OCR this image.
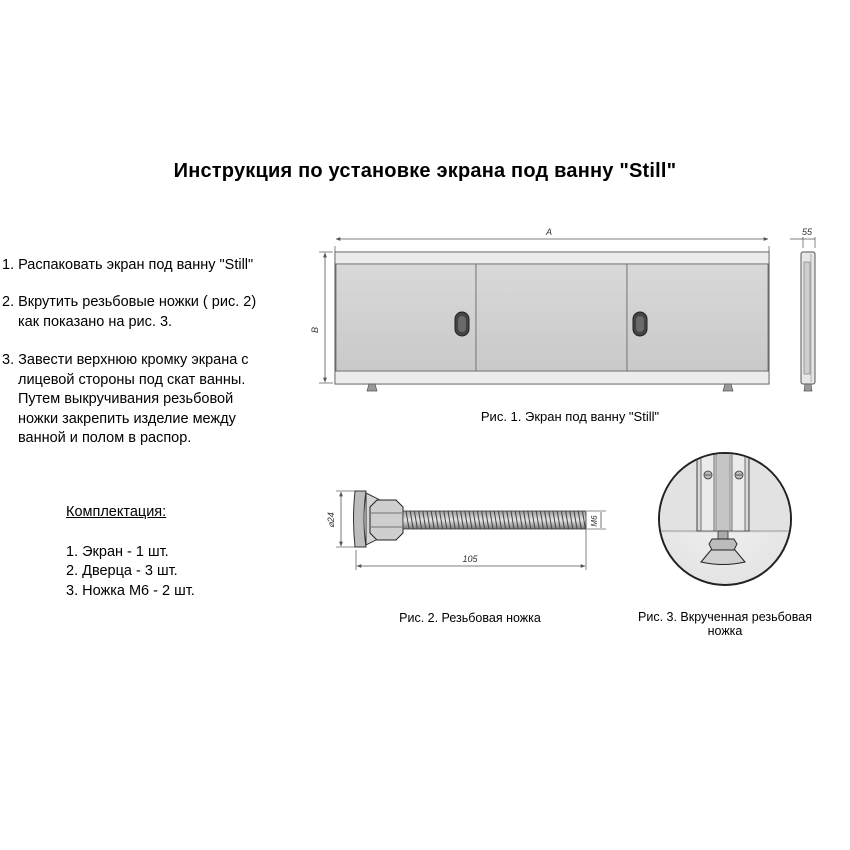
Инструкция по установке экрана под ванну "Still"
1. Распаковать экран под ванну "Still"
2. Вкрутить резьбовые ножки ( рис. 2)
как показано на рис. 3.
3. Завести верхнюю кромку экрана с
лицевой стороны под скат ванны.
Путем выкручивания резьбовой
ножки закрепить изделие между
ванной и полом в распор.
Комплектация:
1. Экран - 1 шт.
2. Дверца - 3 шт.
3. Ножка М6 - 2 шт.
A
B
55
105
⌀24	M6
Рис. 1. Экран под ванну "Still"
Рис. 2. Резьбовая ножка	Рис. 3. Вкрученная резьбовая
ножка
